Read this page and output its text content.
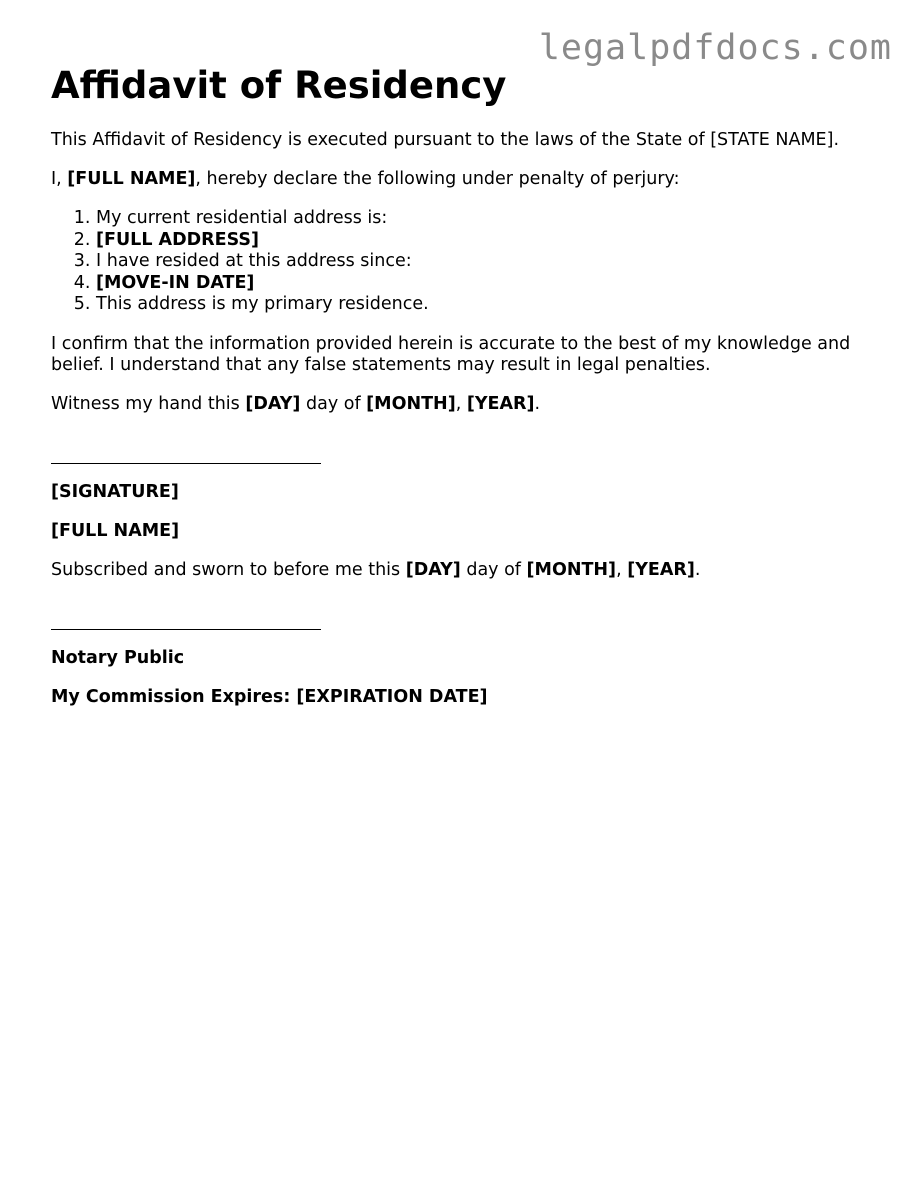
legalpdfdocs.com
Affidavit of Residency

This Affidavit of Residency is executed pursuant to the laws of the State of [STATE NAME].

I, [FULL NAME], hereby declare the following under penalty of perjury:

1. My current residential address is:
2. [FULL ADDRESS]
3. I have resided at this address since:
4. [MOVE-IN DATE]
5. This address is my primary residence.

I confirm that the information provided herein is accurate to the best of my knowledge and belief. I understand that any false statements may result in legal penalties.

Witness my hand this [DAY] day of [MONTH], [YEAR].

[SIGNATURE]

[FULL NAME]

Subscribed and sworn to before me this [DAY] day of [MONTH], [YEAR].

Notary Public

My Commission Expires: [EXPIRATION DATE]
